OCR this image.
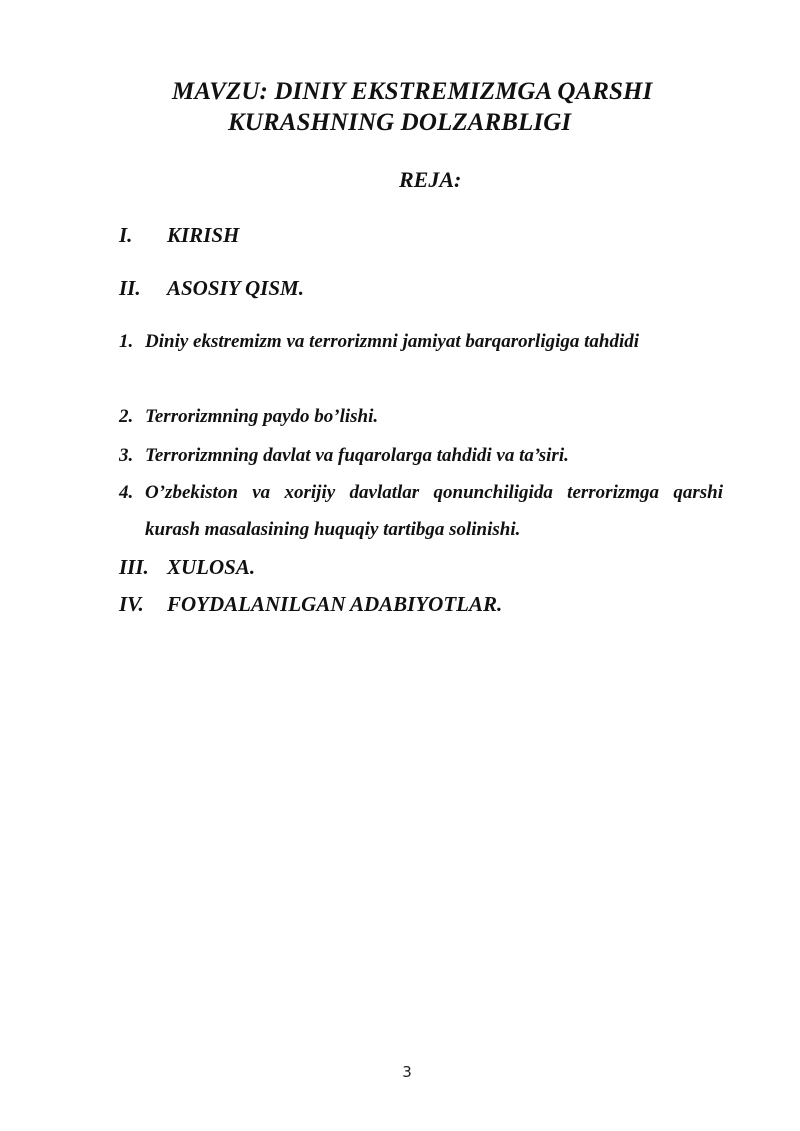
MAVZU: DINIY EKSTREMIZMGA QARSHI
KURASHNING DOLZARBLIGI
REJA:
I. KIRISH
II. ASOSIY QISM.
1. Diniy ekstremizm va terrorizmni jamiyat barqarorligiga tahdidi
2. Terrorizmning paydo bo’lishi.
3. Terrorizmning davlat va fuqarolarga tahdidi va ta’siri.
4. O’zbekiston va xorijiy davlatlar qonunchiligida terrorizmga qarshi kurash masalasining huquqiy tartibga solinishi.
III. XULOSA.
IV. FOYDALANILGAN ADABIYOTLAR.
3
